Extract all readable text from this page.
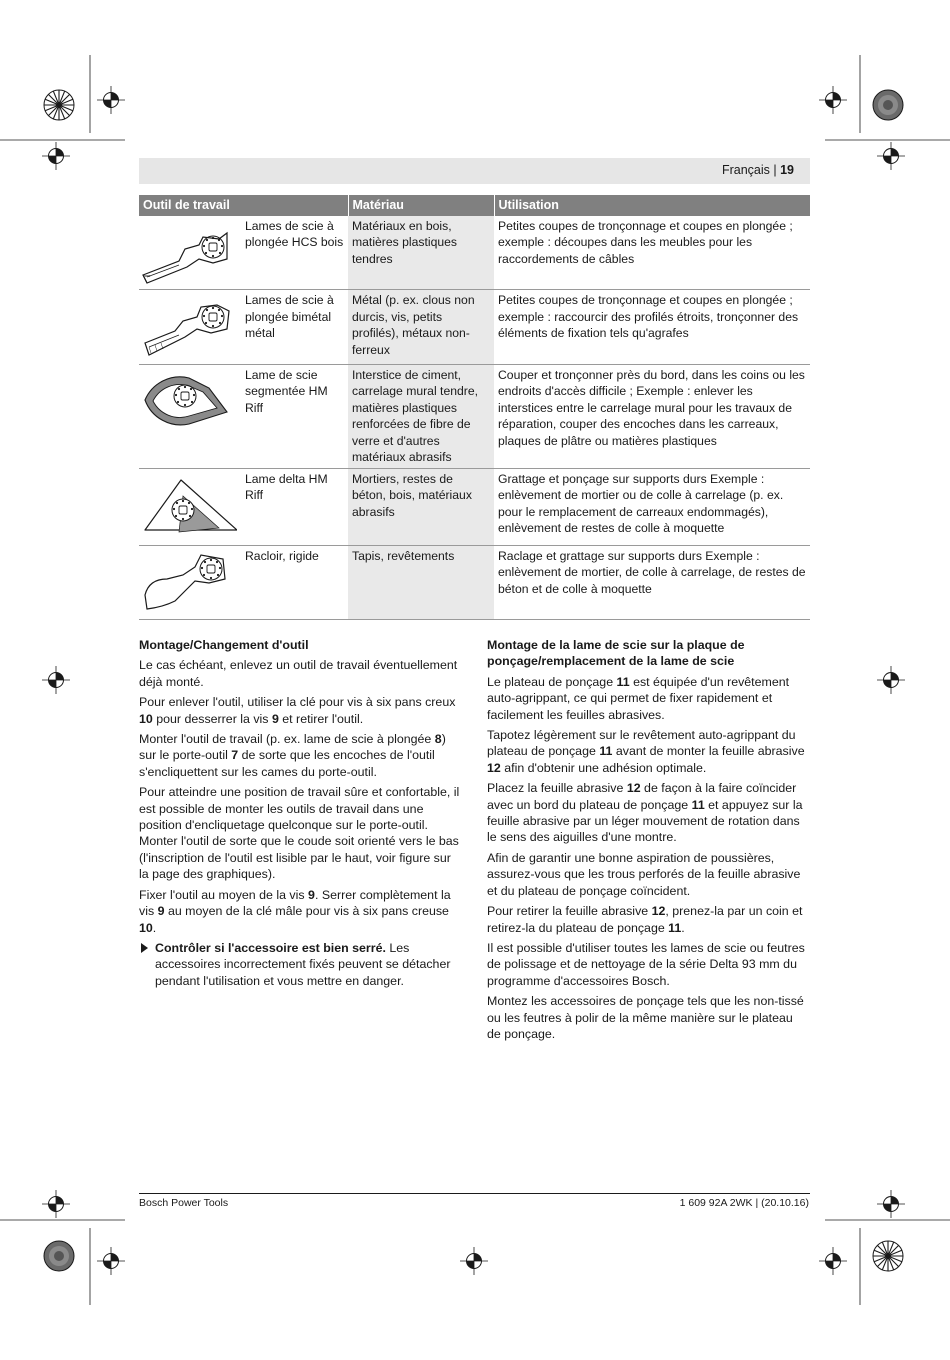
Français | 19
Outil de travail		Matériau	Utilisation
	Lames de scie à plongée HCS bois	Matériaux en bois, matières plastiques tendres	Petites coupes de tronçonnage et coupes en plongée ; exemple : découpes dans les meubles pour les raccordements de câbles
	Lames de scie à plongée bimétal métal	Métal (p. ex. clous non durcis, vis, petits profilés), métaux non-ferreux	Petites coupes de tronçonnage et coupes en plongée ; exemple : raccourcir des profilés étroits, tronçonner des éléments de fixation tels qu'agrafes
	Lame de scie segmentée HM Riff	Interstice de ciment, carrelage mural tendre, matières plastiques renforcées de fibre de verre et d'autres matériaux abrasifs	Couper et tronçonner près du bord, dans les coins ou les endroits d'accès difficile ; Exemple : enlever les interstices entre le carrelage mural pour les travaux de réparation, couper des encoches dans les carreaux, plaques de plâtre ou matières plastiques
	Lame delta HM Riff	Mortiers, restes de béton, bois, matériaux abrasifs	Grattage et ponçage sur supports durs Exemple : enlèvement de mortier ou de colle à carrelage (p. ex. pour le remplacement de carreaux endommagés), enlèvement de restes de colle à moquette
	Racloir, rigide	Tapis, revêtements	Raclage et grattage sur supports durs Exemple : enlèvement de mortier, de colle à carrelage, de restes de béton et de colle à moquette
Montage/Changement d'outil

Le cas échéant, enlevez un outil de travail éventuellement déjà monté.

Pour enlever l'outil, utiliser la clé pour vis à six pans creux 10 pour desserrer la vis 9 et retirer l'outil.

Monter l'outil de travail (p. ex. lame de scie à plongée 8) sur le porte-outil 7 de sorte que les encoches de l'outil s'encliquettent sur les cames du porte-outil.

Pour atteindre une position de travail sûre et confortable, il est possible de monter les outils de travail dans une position d'encliquetage quelconque sur le porte-outil. Monter l'outil de sorte que le coude soit orienté vers le bas (l'inscription de l'outil est lisible par le haut, voir figure sur la page des graphiques).

Fixer l'outil au moyen de la vis 9. Serrer complètement la vis 9 au moyen de la clé mâle pour vis à six pans creuse 10.

Contrôler si l'accessoire est bien serré. Les accessoires incorrectement fixés peuvent se détacher pendant l'utilisation et vous mettre en danger.

Montage de la lame de scie sur la plaque de ponçage/remplacement de la lame de scie

Le plateau de ponçage 11 est équipée d'un revêtement auto-agrippant, ce qui permet de fixer rapidement et facilement les feuilles abrasives.

Tapotez légèrement sur le revêtement auto-agrippant du plateau de ponçage 11 avant de monter la feuille abrasive 12 afin d'obtenir une adhésion optimale.

Placez la feuille abrasive 12 de façon à la faire coïncider avec un bord du plateau de ponçage 11 et appuyez sur la feuille abrasive par un léger mouvement de rotation dans le sens des aiguilles d'une montre.

Afin de garantir une bonne aspiration de poussières, assurez-vous que les trous perforés de la feuille abrasive et du plateau de ponçage coïncident.

Pour retirer la feuille abrasive 12, prenez-la par un coin et retirez-la du plateau de ponçage 11.

Il est possible d'utiliser toutes les lames de scie ou feutres de polissage et de nettoyage de la série Delta 93 mm du programme d'accessoires Bosch.

Montez les accessoires de ponçage tels que les non-tissé ou les feutres à polir de la même manière sur le plateau de ponçage.

Bosch Power Tools	1 609 92A 2WK | (20.10.16)
